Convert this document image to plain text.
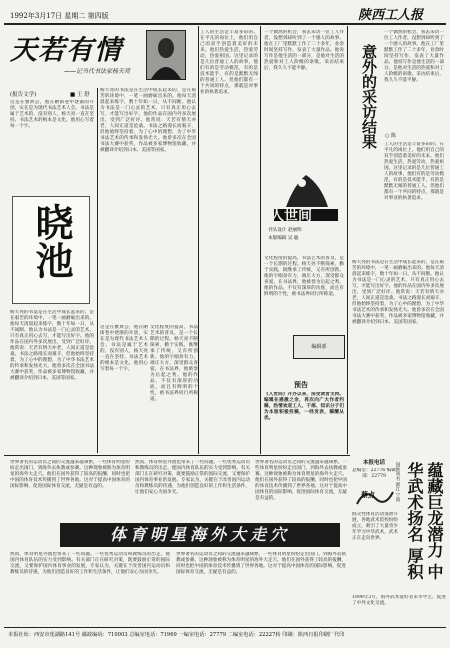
1992年3月17日 星期二 第四版	陕西工人报
天若有情
——记当代书法家杨天亮
(报告文学)	■ 王 舒
这是在雅典公，他在陋街巷中逐渐的开创，实在是为现代书法艺术人会。书法是属于艺术的，没有别人，杨天亮一直在坚持。书法艺术的根本是文化，他用心写着每一个字。
杨天亮的书法是在生活中成长起来的，是在艰苦的环境中，一笔一画磨砺出来的。他每天清晨起来练字，数十年如一日，从不间断。他认为书法是一门心灵的艺术，只有真正用心去写，才能写出好字。他的作品在国内外多次展出，受到广泛好评。他常说：天若有情天亦老，人间正道是沧桑。书法之路漫长而艰辛，但他始终坚持着，为了心中的理想，为了中华书法艺术的传承和发扬光大。他曾多次在全国书法大赛中获奖，作品被多家博物馆收藏，并被翻译介绍到日本、美国等国家。
杨天亮的书法是在生活中成长起来的，是在艰苦的环境中，一笔一画磨砺出来的。他每天清晨起来练字，数十年如一日，从不间断。他认为书法是一门心灵的艺术，只有真正用心去写，才能写出好字。他的作品在国内外多次展出，受到广泛好评。他常说：天若有情天亦老，人间正道是沧桑。书法之路漫长而艰辛，但他始终坚持着，为了心中的理想，为了中华书法艺术的传承和发扬光大。他曾多次在全国书法大赛中获奖，作品被多家博物馆收藏，并被翻译介绍到日本、美国等国家。
这是在雅典公，他在陋街巷中逐渐的开创，实在是为现代书法艺术人会。书法是属于艺术的，没有别人，杨天亮一直在坚持。书法艺术的根本是文化，他用心写着每一个字。
晓池
文化程度的提高，书法艺术的普及，是一个长期的过程。杨天亮不断探索，勤于实践，既继承了传统，又有所创新。他的字刚劲有力，端庄大方，深受群众喜爱。在书法界，他被誉为后起之秀。他的作品，不仅有深厚的功底，而且有鲜明的个性，被书法界同行所称道。
工人的生活是丰富多彩的。在平凡的岗位上，他们用自己的双手创造着美好的未来。他们热爱生活，热爱劳动，热爱祖国。这里记录的是几位普通工人的故事，他们有的是劳动模范，有的是技术能手，有的是默默无闻的普通工人。但他们都有一个共同的特点，那就是对事业的执著追求。
一个偶然的机会，我去采访一位工人作者，没想到却听到了一个感人的故事。他在工厂里默默工作了二十多年，业余时间坚持写作，发表了大量作品。他说写作是他生活的一部分，是他对生活的热爱和对工人阶级的讴歌。采访结束后，我久久不能平静。
人世间
刊头设计 赵丽明
本版编辑 吴 聪
文化程度的提高，书法艺术的普及，是一个长期的过程。杨天亮不断探索，勤于实践，既继承了传统，又有所创新。他的字刚劲有力，端庄大方，深受群众喜爱。在书法界，他被誉为后起之秀。他的作品，不仅有深厚的功底，而且有鲜明的个性，被书法界同行所称道。
编辑部
预告
《人世间》开办以来，深受读者支持。编辑在感激之余，再次向广大作者约稿，热情欢迎工人、干部、知识分子们为本版积极投稿，一经发表，稿酬从优。
意外的采访结果 ○ 陈
一个偶然的机会，我去采访一位工人作者，没想到却听到了一个感人的故事。他在工厂里默默工作了二十多年，业余时间坚持写作，发表了大量作品。他说写作是他生活的一部分，是他对生活的热爱和对工人阶级的讴歌。采访结束后，我久久不能平静。
工人的生活是丰富多彩的。在平凡的岗位上，他们用自己的双手创造着美好的未来。他们热爱生活，热爱劳动，热爱祖国。这里记录的是几位普通工人的故事，他们有的是劳动模范，有的是技术能手，有的是默默无闻的普通工人。但他们都有一个共同的特点，那就是对事业的执著追求。
杨天亮的书法是在生活中成长起来的，是在艰苦的环境中，一笔一画磨砺出来的。他每天清晨起来练字，数十年如一日，从不间断。他认为书法是一门心灵的艺术，只有真正用心去写，才能写出好字。他的作品在国内外多次展出，受到广泛好评。他常说：天若有情天亦老，人间正道是沧桑。书法之路漫长而艰辛，但他始终坚持着，为了心中的理想，为了中华书法艺术的传承和发扬光大。他曾多次在全国书法大赛中获奖，作品被多家博物馆收藏，并被翻译介绍到日本、美国等国家。
世界著名的运动员之间的交流越来越频繁，一些体育明星纷纷走出国门，到海外去执教或参赛。这种现象被称为体育明星的海外大走穴。他们在国外获得了较高的报酬，同时也把中国的体育技术传播到了世界各地。这对于提高中国体育的国际影响，促进国际体育交流，无疑是有益的。
然而，体育明星外流也带来了一些问题。一些优秀运动员和教练员的出走，使国内体育队伍的实力受到影响。有关部门正在研究对策，既要鼓励正常的国际交流，又要保护国内体育事业的发展。专家认为，关键在于改善国内运动员和教练员的待遇，为他们创造良好的工作和生活条件，让他们安心为国争光。
世界著名的运动员之间的交流越来越频繁，一些体育明星纷纷走出国门，到海外去执教或参赛。这种现象被称为体育明星的海外大走穴。他们在国外获得了较高的报酬，同时也把中国的体育技术传播到了世界各地。这对于提高中国体育的国际影响，促进国际体育交流，无疑是有益的。
体育明星海外大走穴
然而，体育明星外流也带来了一些问题。一些优秀运动员和教练员的出走，使国内体育队伍的实力受到影响。有关部门正在研究对策，既要鼓励正常的国际交流，又要保护国内体育事业的发展。专家认为，关键在于改善国内运动员和教练员的待遇，为他们创造良好的工作和生活条件，让他们安心为国争光。
世界著名的运动员之间的交流越来越频繁，一些体育明星纷纷走出国门，到海外去执教或参赛。这种现象被称为体育明星的海外大走穴。他们在国外获得了较高的报酬，同时也把中国的体育技术传播到了世界各地。这对于提高中国体育的国际影响，促进国际体育交流，无疑是有益的。
本报电话
总编室：22776 编辑部：22779
蔡点
群众性体育活动蓬勃开展，各地武术馆校纷纷成立，吸引了大量青少年学习中华武术，武术正在走向世界。
1990年3月，海外武术爱好者来华学艺，促进了中外文化交流。
蕴藏巨龙潜力 中华武术扬名 厚积
国际知名 浙江 宁波
本报社址：西安市莲湖路141号 邮政编码：710003 总编室电话：71969 一编室电话：27779 二编室电话：22227转 印刷：陕西日报印刷厂代印
